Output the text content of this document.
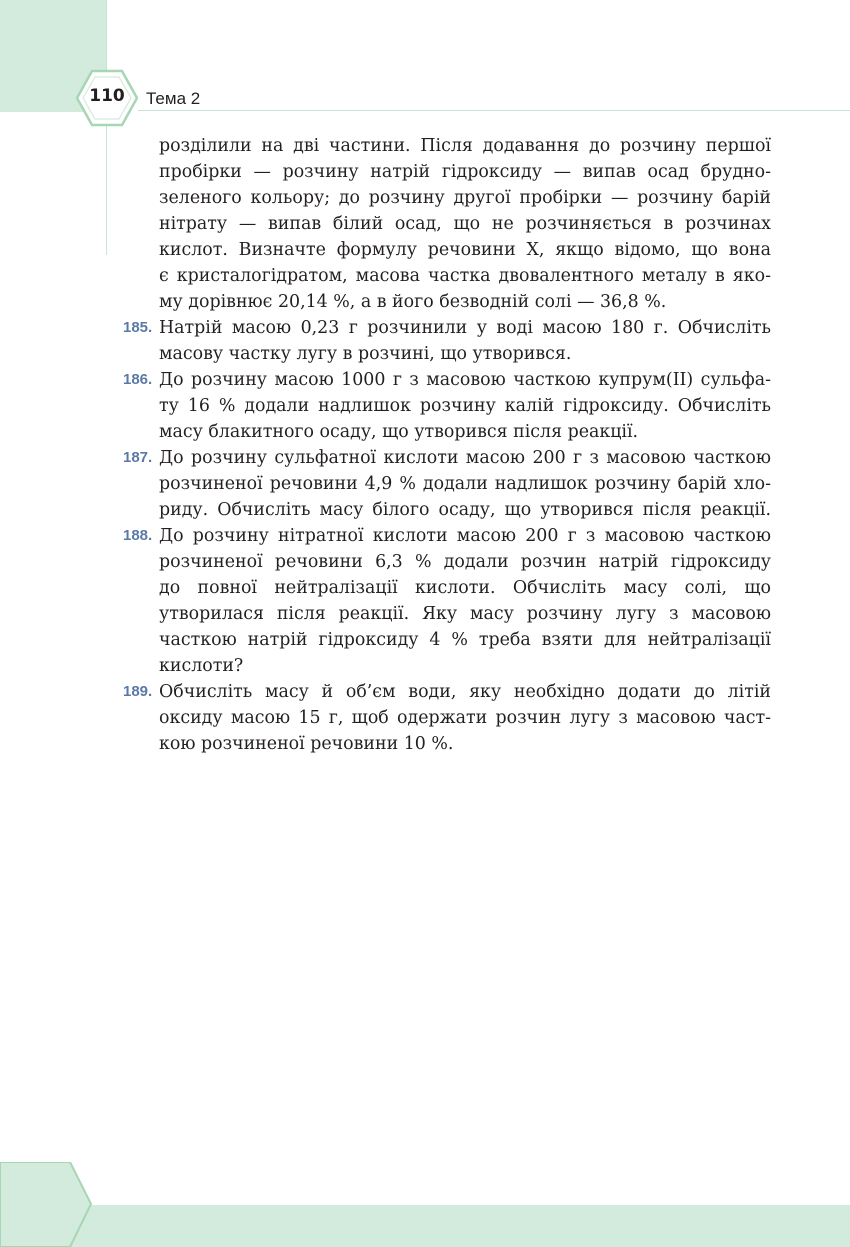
110	Тема 2
розділили на дві частини. Після додавання до розчину першої
пробірки — розчину натрій гідроксиду — випав осад брудно-
зеленого кольору; до розчину другої пробірки — розчину барій
нітрату — випав білий осад, що не розчиняється в розчинах
кислот. Визначте формулу речовини X, якщо відомо, що вона
є кристалогідратом, масова частка двовалентного металу в яко-
му дорівнює 20,14 %, а в його безводній солі — 36,8 %.
185. Натрій масою 0,23 г розчинили у воді масою 180 г. Обчисліть
масову частку лугу в розчині, що утворився.
186. До розчину масою 1000 г з масовою часткою купрум(ІІ) сульфа-
ту 16 % додали надлишок розчину калій гідроксиду. Обчисліть
масу блакитного осаду, що утворився після реакції.
187. До розчину сульфатної кислоти масою 200 г з масовою часткою
розчиненої речовини 4,9 % додали надлишок розчину барій хло-
риду. Обчисліть масу білого осаду, що утворився після реакції.
188. До розчину нітратної кислоти масою 200 г з масовою часткою
розчиненої речовини 6,3 % додали розчин натрій гідроксиду
до повної нейтралізації кислоти. Обчисліть масу солі, що
утворилася після реакції. Яку масу розчину лугу з масовою
часткою натрій гідроксиду 4 % треба взяти для нейтралізації
кислоти?
189. Обчисліть масу й об’єм води, яку необхідно додати до літій
оксиду масою 15 г, щоб одержати розчин лугу з масовою част-
кою розчиненої речовини 10 %.
